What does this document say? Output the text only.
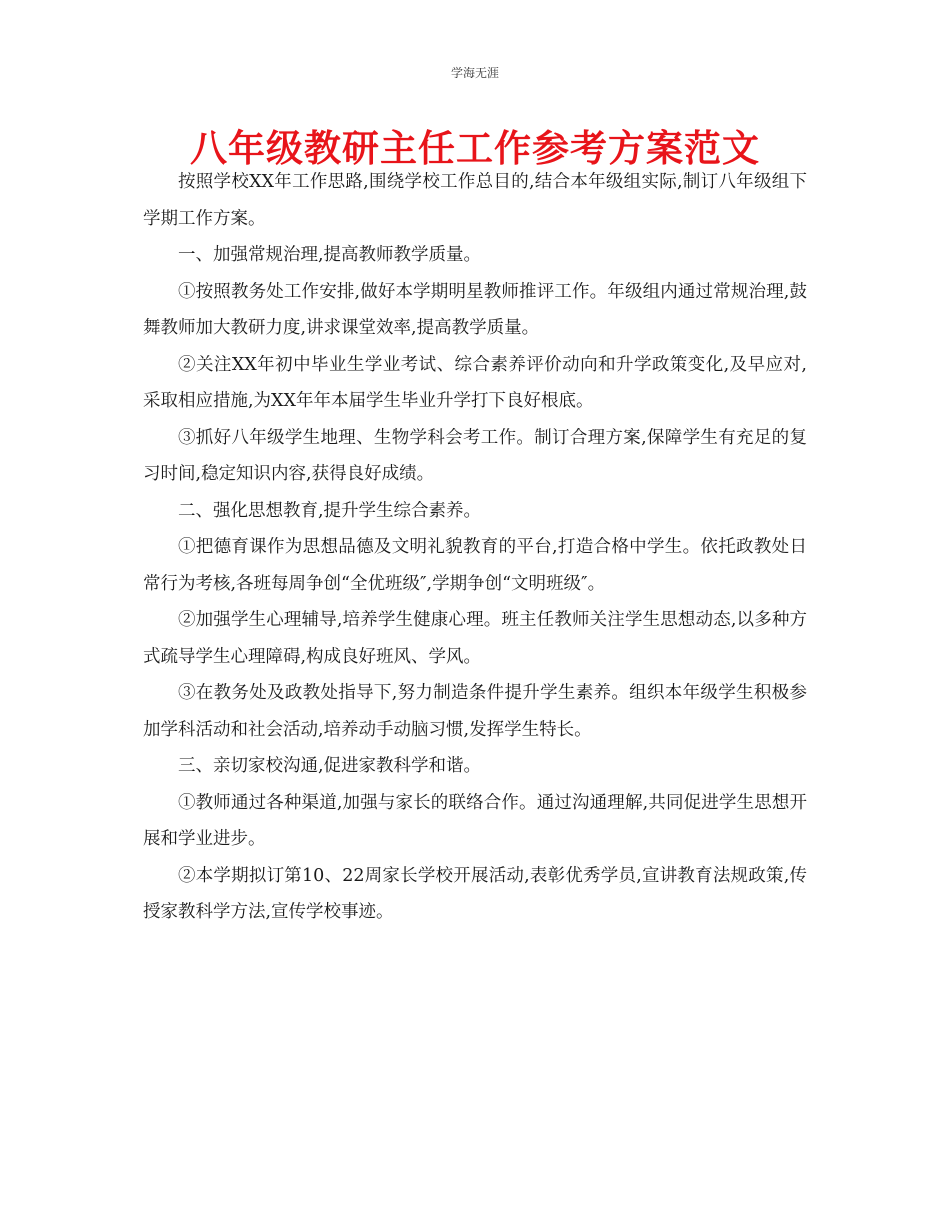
学海无涯
八年级教研主任工作参考方案范文

按照学校XX年工作思路,围绕学校工作总目的,结合本年级组实际,制订八年级组下学期工作方案。

一、加强常规治理,提高教师教学质量。

①按照教务处工作安排,做好本学期明星教师推评工作。年级组内通过常规治理,鼓舞教师加大教研力度,讲求课堂效率,提高教学质量。

②关注XX年初中毕业生学业考试、综合素养评价动向和升学政策变化,及早应对,采取相应措施,为XX年年本届学生毕业升学打下良好根底。

③抓好八年级学生地理、生物学科会考工作。制订合理方案,保障学生有充足的复习时间,稳定知识内容,获得良好成绩。

二、强化思想教育,提升学生综合素养。

①把德育课作为思想品德及文明礼貌教育的平台,打造合格中学生。依托政教处日常行为考核,各班每周争创“全优班级″,学期争创“文明班级″。

②加强学生心理辅导,培养学生健康心理。班主任教师关注学生思想动态,以多种方式疏导学生心理障碍,构成良好班风、学风。

③在教务处及政教处指导下,努力制造条件提升学生素养。组织本年级学生积极参加学科活动和社会活动,培养动手动脑习惯,发挥学生特长。

三、亲切家校沟通,促进家教科学和谐。

①教师通过各种渠道,加强与家长的联络合作。通过沟通理解,共同促进学生思想开展和学业进步。

②本学期拟订第10、22周家长学校开展活动,表彰优秀学员,宣讲教育法规政策,传授家教科学方法,宣传学校事迹。
